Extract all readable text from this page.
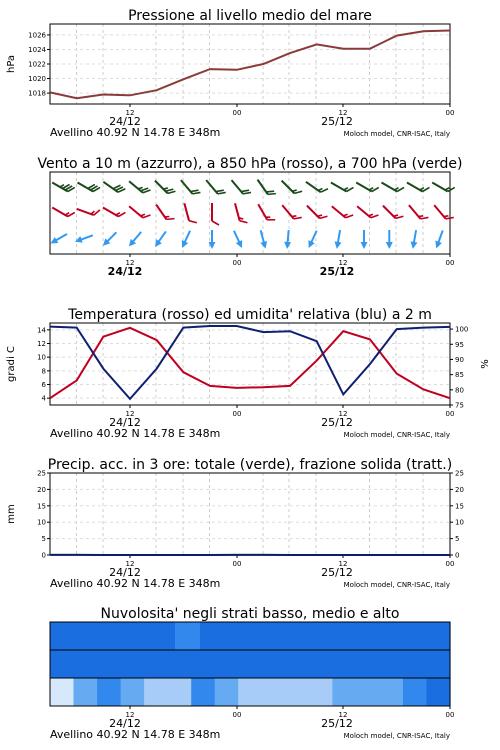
Pressione al livello medio del mare
1018
1020
1022
1024
1026
hPa
12	00	12	00
24/12	25/12
Avellino 40.92 N 14.78 E 348m	Moloch model, CNR-ISAC, Italy
Vento a 10 m (azzurro), a 850 hPa (rosso), a 700 hPa (verde)
12	00	12	00
24/12	25/12
Temperatura (rosso) ed umidita' relativa (blu) a 2 m
4
6
8
10
12
14
75
80
85
90
95
100
gradi C	%
12	00	12	00
24/12	25/12
Avellino 40.92 N 14.78 E 348m	Moloch model, CNR-ISAC, Italy
Precip. acc. in 3 ore: totale (verde), frazione solida (tratt.)
0	0
5	5
10	10
15	15
20	20
25	25
mm
12	00	12	00
24/12	25/12
Avellino 40.92 N 14.78 E 348m	Moloch model, CNR-ISAC, Italy
Nuvolosita' negli strati basso, medio e alto
12	00	12	00
24/12	25/12
Avellino 40.92 N 14.78 E 348m	Moloch model, CNR-ISAC, Italy
